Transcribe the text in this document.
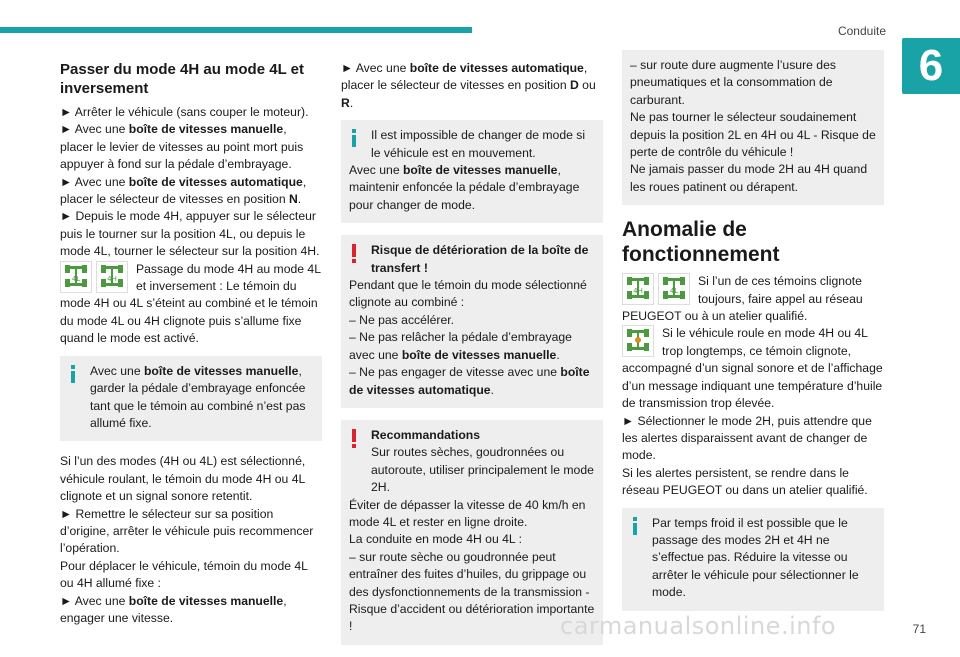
Conduite
6
Passer du mode 4H au mode 4L et inversement

► Arrêter le véhicule (sans couper le moteur).

► Avec une boîte de vitesses manuelle, placer le levier de vitesses au point mort puis appuyer à fond sur la pédale d’embrayage.

► Avec une boîte de vitesses automatique, placer le sélecteur de vitesses en position N.

► Depuis le mode 4H, appuyer sur le sélecteur puis le tourner sur la position 4L, ou depuis le mode 4L, tourner le sélecteur sur la position 4H.

4L	4H

Passage du mode 4H au mode 4L et inversement : Le témoin du mode 4H ou 4L s’éteint au combiné et le témoin du mode 4L ou 4H clignote puis s’allume fixe quand le mode est activé.

Avec une boîte de vitesses manuelle, garder la pédale d’embrayage enfoncée tant que le témoin au combiné n’est pas allumé fixe.

Si l’un des modes (4H ou 4L) est sélectionné, véhicule roulant, le témoin du mode 4H ou 4L clignote et un signal sonore retentit.

► Remettre le sélecteur sur sa position d’origine, arrêter le véhicule puis recommencer l’opération.

Pour déplacer le véhicule, témoin du mode 4L ou 4H allumé fixe :

► Avec une boîte de vitesses manuelle, engager une vitesse.

► Avec une boîte de vitesses automatique, placer le sélecteur de vitesses en position D ou R.

Il est impossible de changer de mode si le véhicule est en mouvement.

Avec une boîte de vitesses manuelle, maintenir enfoncée la pédale d’embrayage pour changer de mode.

Risque de détérioration de la boîte de transfert !

Pendant que le témoin du mode sélectionné clignote au combiné :

– Ne pas accélérer.

– Ne pas relâcher la pédale d’embrayage avec une boîte de vitesses manuelle.

– Ne pas engager de vitesse avec une boîte de vitesses automatique.

Recommandations

Sur routes sèches, goudronnées ou autoroute, utiliser principalement le mode 2H.

Éviter de dépasser la vitesse de 40 km/h en mode 4L et rester en ligne droite.

La conduite en mode 4H ou 4L :

– sur route sèche ou goudronnée peut entraîner des fuites d’huiles, du grippage ou des dysfonctionnements de la transmission - Risque d’accident ou détérioration importante !

– sur route dure augmente l’usure des pneumatiques et la consommation de carburant.

Ne pas tourner le sélecteur soudainement depuis la position 2L en 4H ou 4L - Risque de perte de contrôle du véhicule !

Ne jamais passer du mode 2H au 4H quand les roues patinent ou dérapent.

Anomalie de fonctionnement
4H	4L

Si l’un de ces témoins clignote toujours, faire appel au réseau PEUGEOT ou à un atelier qualifié.

Si le véhicule roule en mode 4H ou 4L trop longtemps, ce témoin clignote, accompagné d’un signal sonore et de l’affichage d’un message indiquant une température d’huile de transmission trop élevée.

► Sélectionner le mode 2H, puis attendre que les alertes disparaissent avant de changer de mode.

Si les alertes persistent, se rendre dans le réseau PEUGEOT ou dans un atelier qualifié.

Par temps froid il est possible que le passage des modes 2H et 4H ne s’effectue pas. Réduire la vitesse ou arrêter le véhicule pour sélectionner le mode.

carmanualsonline.info	71
